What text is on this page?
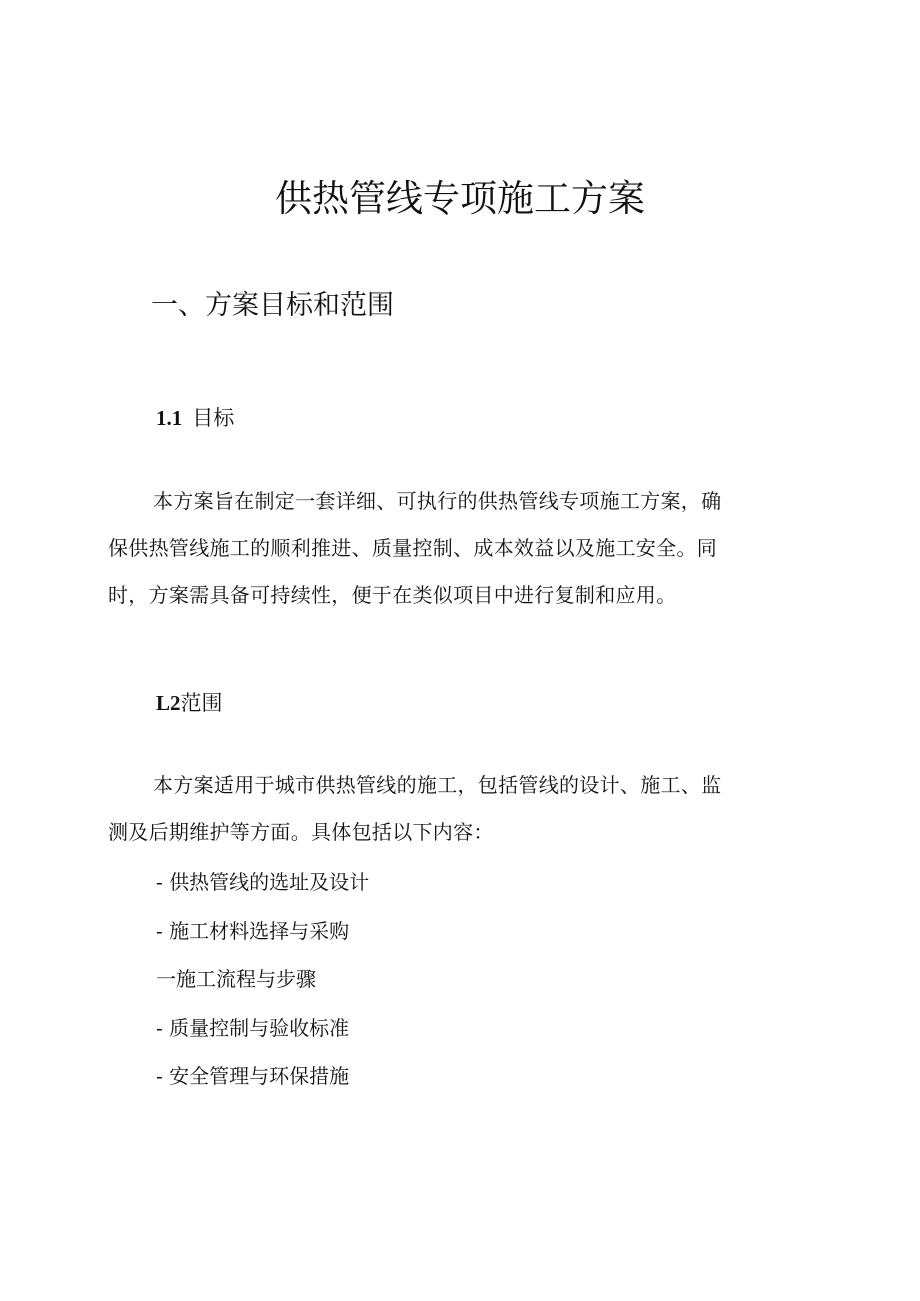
供热管线专项施工方案
一、方案目标和范围
1.1 目标

本方案旨在制定一套详细、可执行的供热管线专项施工方案，确
保供热管线施工的顺利推进、质量控制、成本效益以及施工安全。同
时，方案需具备可持续性，便于在类似项目中进行复制和应用。

L2范围

本方案适用于城市供热管线的施工，包括管线的设计、施工、监
测及后期维护等方面。具体包括以下内容：

- 供热管线的选址及设计
- 施工材料选择与采购
一施工流程与步骤
- 质量控制与验收标准
- 安全管理与环保措施
